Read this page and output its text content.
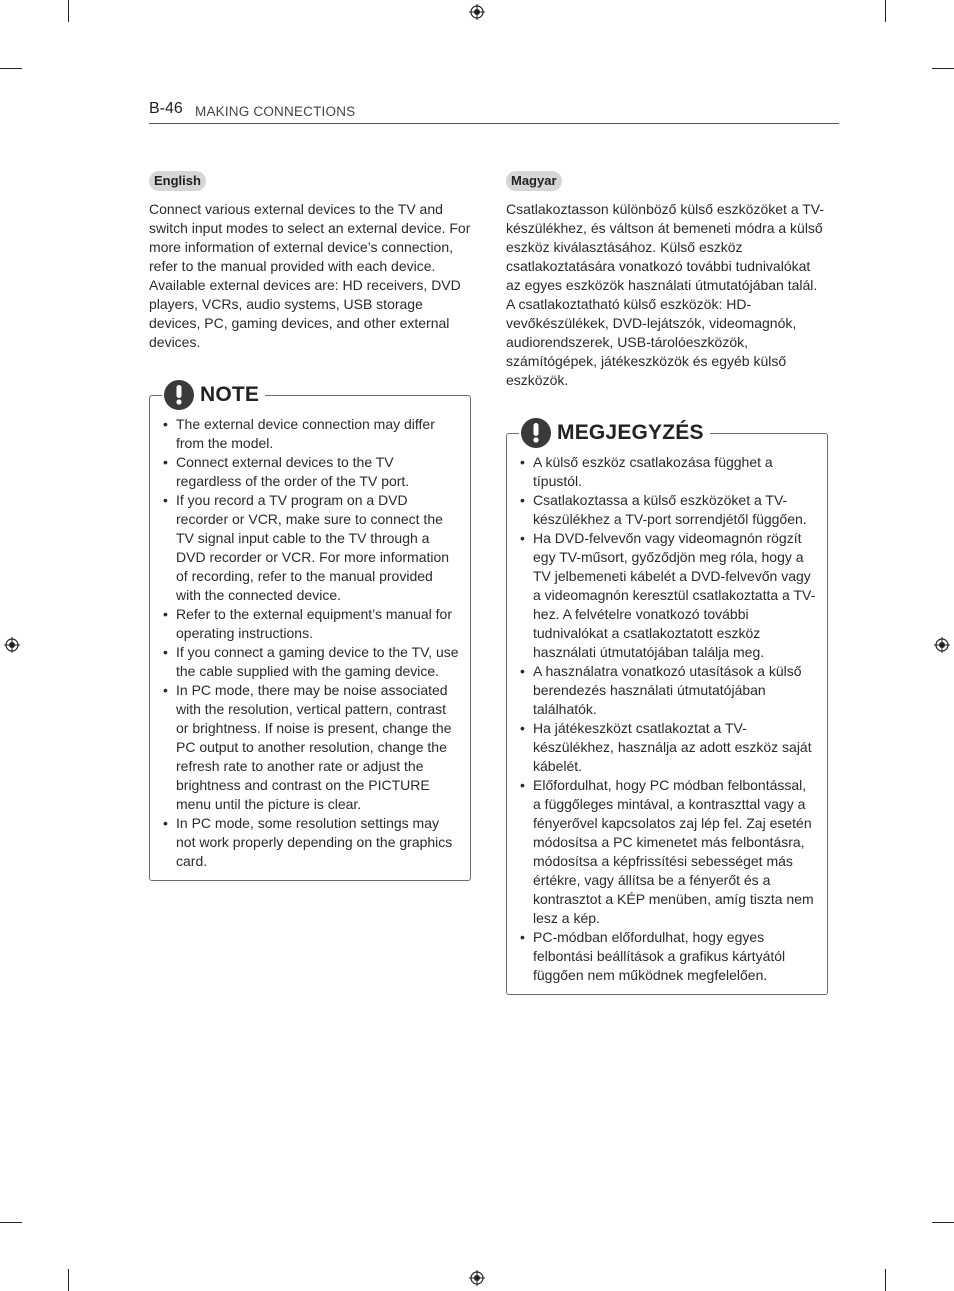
B-46 MAKING CONNECTIONS
English

Connect various external devices to the TV and switch input modes to select an external device. For more information of external device’s connection, refer to the manual provided with each device.

Available external devices are: HD receivers, DVD players, VCRs, audio systems, USB storage devices, PC, gaming devices, and other external devices.

NOTE
• The external device connection may differ from the model.
• Connect external devices to the TV regardless of the order of the TV port.
• If you record a TV program on a DVD recorder or VCR, make sure to connect the TV signal input cable to the TV through a DVD recorder or VCR. For more information of recording, refer to the manual provided with the connected device.
• Refer to the external equipment’s manual for operating instructions.
• If you connect a gaming device to the TV, use the cable supplied with the gaming device.
• In PC mode, there may be noise associated with the resolution, vertical pattern, contrast or brightness. If noise is present, change the PC output to another resolution, change the refresh rate to another rate or adjust the brightness and contrast on the PICTURE menu until the picture is clear.
• In PC mode, some resolution settings may not work properly depending on the graphics card.
Magyar

Csatlakoztasson különböző külső eszközöket a TV-készülékhez, és váltson át bemeneti módra a külső eszköz kiválasztásához. Külső eszköz csatlakoztatására vonatkozó további tudnivalókat az egyes eszközök használati útmutatójában talál.

A csatlakoztatható külső eszközök: HD-vevőkészülékek, DVD-lejátszók, videomagnók, audiorendszerek, USB-tárolóeszközök, számítógépek, játékeszközök és egyéb külső eszközök.

MEGJEGYZÉS
• A külső eszköz csatlakozása függhet a típustól.
• Csatlakoztassa a külső eszközöket a TV-készülékhez a TV-port sorrendjétől függően.
• Ha DVD-felvevőn vagy videomagnón rögzít egy TV-műsort, győződjön meg róla, hogy a TV jelbemeneti kábelét a DVD-felvevőn vagy a videomagnón keresztül csatlakoztatta a TV-hez. A felvételre vonatkozó további tudnivalókat a csatlakoztatott eszköz használati útmutatójában találja meg.
• A használatra vonatkozó utasítások a külső berendezés használati útmutatójában találhatók.
• Ha játékeszközt csatlakoztat a TV-készülékhez, használja az adott eszköz saját kábelét.
• Előfordulhat, hogy PC módban felbontással, a függőleges mintával, a kontraszttal vagy a fényerővel kapcsolatos zaj lép fel. Zaj esetén módosítsa a PC kimenetet más felbontásra, módosítsa a képfrissítési sebességet más értékre, vagy állítsa be a fényerőt és a kontrasztot a KÉP menüben, amíg tiszta nem lesz a kép.
• PC-módban előfordulhat, hogy egyes felbontási beállítások a grafikus kártyától függően nem működnek megfelelően.
